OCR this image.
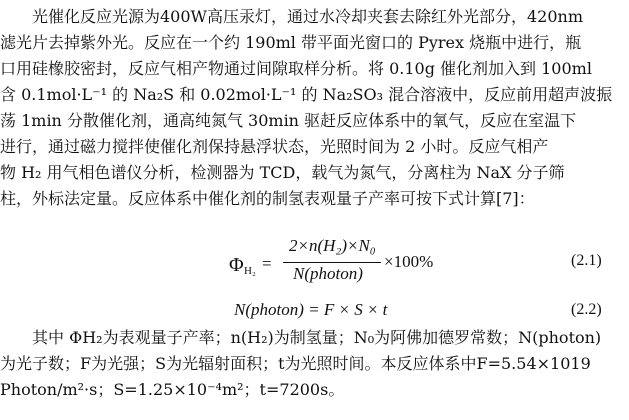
　　光催化反应光源为400W高压汞灯，通过水冷却夹套去除红外光部分，420nm
滤光片去掉紫外光。反应在一个约 190ml 带平面光窗口的 Pyrex 烧瓶中进行，瓶
口用硅橡胶密封，反应气相产物通过间隙取样分析。将 0.10g 催化剂加入到 100ml
含 0.1mol·L⁻¹ 的 Na₂S 和 0.02mol·L⁻¹ 的 Na₂SO₃ 混合溶液中，反应前用超声波振
荡 1min 分散催化剂，通高纯氮气 30min 驱赶反应体系中的氧气，反应在室温下
进行，通过磁力搅拌使催化剂保持悬浮状态，光照时间为 2 小时。反应气相产
物 H₂ 用气相色谱仪分析，检测器为 TCD，载气为氮气，分离柱为 NaX 分子筛
柱，外标法定量。反应体系中催化剂的制氢表观量子产率可按下式计算[7]：
Φ H₂ =
2×n(H₂)×N₀
N(photon)
×100%	(2.1)
N(photon) = F × S × t	(2.2)
　　其中 ΦH₂为表观量子产率；n(H₂)为制氢量；N₀为阿佛加德罗常数；N(photon)
为光子数；F为光强；S为光辐射面积；t为光照时间。本反应体系中F=5.54×1019
Photon/m²·s；S=1.25×10⁻⁴m²；t=7200s。
